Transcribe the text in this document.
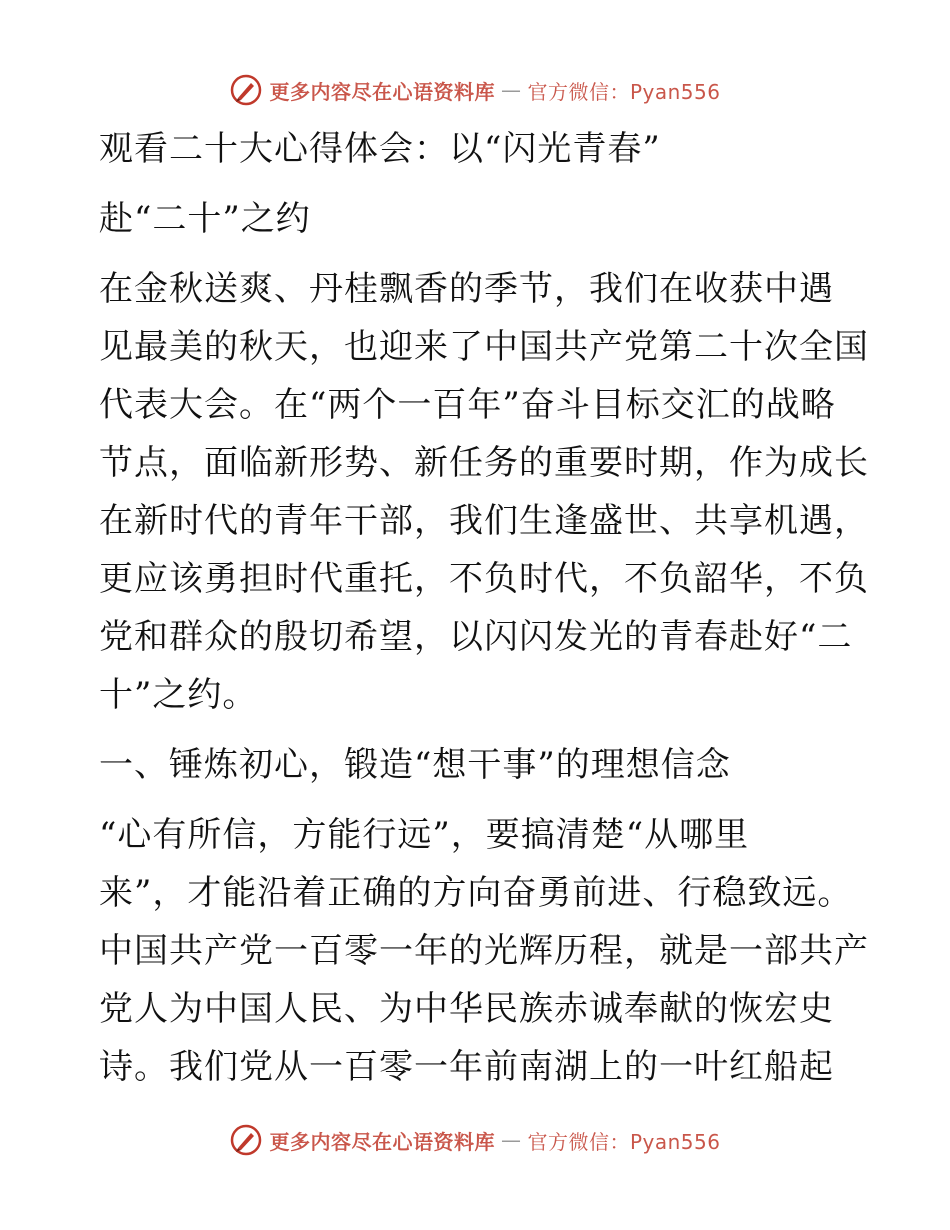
更多内容尽在心语资料库 — 官方微信：Pyan556

观看二十大心得体会：以“闪光青春”

赴“二十”之约

在金秋送爽、丹桂飘香的季节，我们在收获中遇

见最美的秋天，也迎来了中国共产党第二十次全国

代表大会。在“两个一百年”奋斗目标交汇的战略

节点，面临新形势、新任务的重要时期，作为成长

在新时代的青年干部，我们生逢盛世、共享机遇，

更应该勇担时代重托，不负时代，不负韶华，不负

党和群众的殷切希望，以闪闪发光的青春赴好“二

十”之约。

一、锤炼初心，锻造“想干事”的理想信念

“心有所信，方能行远”，要搞清楚“从哪里

来”，才能沿着正确的方向奋勇前进、行稳致远。

中国共产党一百零一年的光辉历程，就是一部共产

党人为中国人民、为中华民族赤诚奉献的恢宏史

诗。我们党从一百零一年前南湖上的一叶红船起

更多内容尽在心语资料库 — 官方微信：Pyan556
